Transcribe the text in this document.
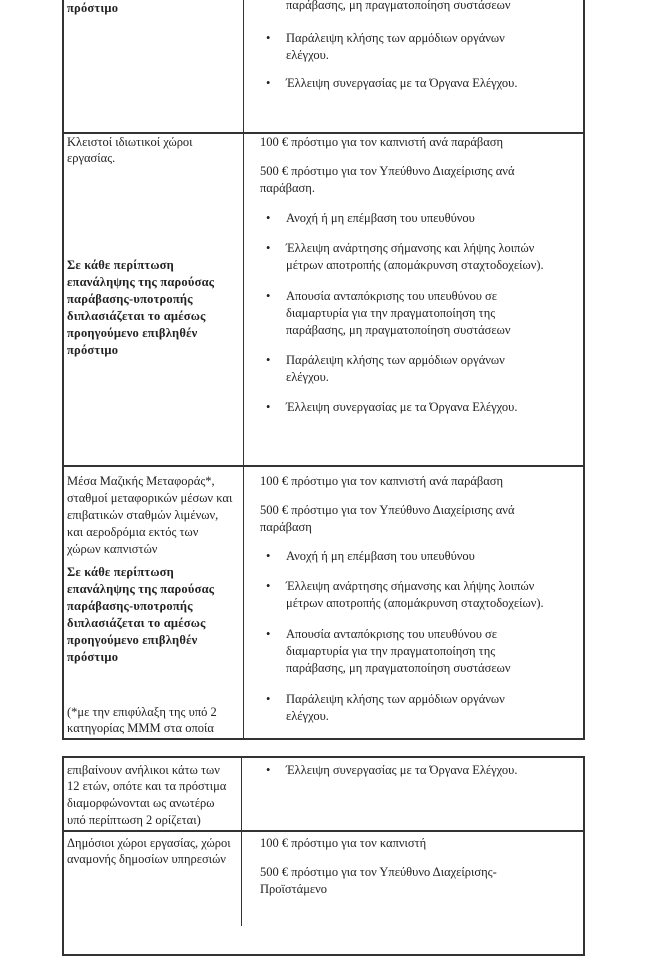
πρόστιμο	παράβασης, μη πραγματοποίηση συστάσεων
• Παράλειψη κλήσης των αρμόδιων οργάνων
ελέγχου.
• Έλλειψη συνεργασίας με τα Όργανα Ελέγχου.
Κλειστοί ιδιωτικοί χώροι
εργασίας.
Σε κάθε περίπτωση
επανάληψης της παρούσας
παράβασης-υποτροπής
διπλασιάζεται το αμέσως
προηγούμενο επιβληθέν
πρόστιμο
100 € πρόστιμο για τον καπνιστή ανά παράβαση
500 € πρόστιμο για τον Υπεύθυνο Διαχείρισης ανά
παράβαση.
• Ανοχή ή μη επέμβαση του υπευθύνου
• Έλλειψη ανάρτησης σήμανσης και λήψης λοιπών
μέτρων αποτροπής (απομάκρυνση σταχτοδοχείων).
• Απουσία ανταπόκρισης του υπευθύνου σε
διαμαρτυρία για την πραγματοποίηση της
παράβασης, μη πραγματοποίηση συστάσεων
• Παράλειψη κλήσης των αρμόδιων οργάνων
ελέγχου.
• Έλλειψη συνεργασίας με τα Όργανα Ελέγχου.
Μέσα Μαζικής Μεταφοράς*,
σταθμοί μεταφορικών μέσων και
επιβατικών σταθμών λιμένων,
και αεροδρόμια εκτός των
χώρων καπνιστών
Σε κάθε περίπτωση
επανάληψης της παρούσας
παράβασης-υποτροπής
διπλασιάζεται το αμέσως
προηγούμενο επιβληθέν
πρόστιμο
(*με την επιφύλαξη της υπό 2
κατηγορίας ΜΜΜ στα οποία
100 € πρόστιμο για τον καπνιστή ανά παράβαση
500 € πρόστιμο για τον Υπεύθυνο Διαχείρισης ανά
παράβαση
• Ανοχή ή μη επέμβαση του υπευθύνου
• Έλλειψη ανάρτησης σήμανσης και λήψης λοιπών
μέτρων αποτροπής (απομάκρυνση σταχτοδοχείων).
• Απουσία ανταπόκρισης του υπευθύνου σε
διαμαρτυρία για την πραγματοποίηση της
παράβασης, μη πραγματοποίηση συστάσεων
• Παράλειψη κλήσης των αρμόδιων οργάνων
ελέγχου.
επιβαίνουν ανήλικοι κάτω των
12 ετών, οπότε και τα πρόστιμα
διαμορφώνονται ως ανωτέρω
υπό περίπτωση 2 ορίζεται)
• Έλλειψη συνεργασίας με τα Όργανα Ελέγχου.
Δημόσιοι χώροι εργασίας, χώροι
αναμονής δημοσίων υπηρεσιών
100 € πρόστιμο για τον καπνιστή
500 € πρόστιμο για τον Υπεύθυνο Διαχείρισης-
Προϊστάμενο
